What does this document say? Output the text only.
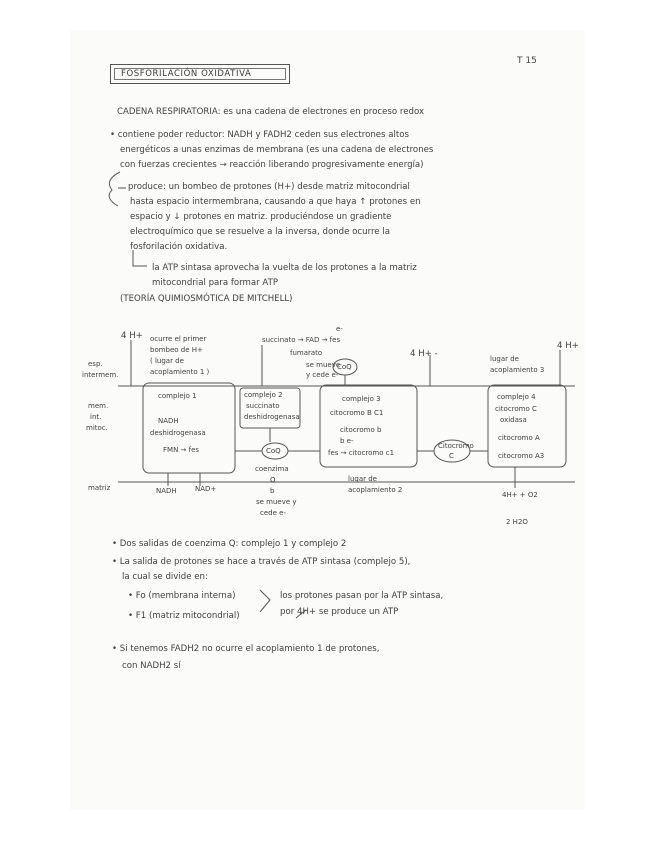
T 15
FOSFORILACIÓN OXIDATIVA
CADENA RESPIRATORIA: es una cadena de electrones en proceso redox
• contiene poder reductor: NADH y FADH2 ceden sus electrones altos
energéticos a unas enzimas de membrana (es una cadena de electrones
con fuerzas crecientes → reacción liberando progresivamente energía)
produce: un bombeo de protones (H+) desde matriz mitocondrial
hasta espacio intermembrana, causando a que haya ↑ protones en
espacio y ↓ protones en matriz. produciéndose un gradiente
electroquímico que se resuelve a la inversa, donde ocurre la
fosforilación oxidativa.
la ATP sintasa aprovecha la vuelta de los protones a la matriz
mitocondrial para formar ATP
(TEORÍA QUIMIOSMÓTICA DE MITCHELL)
4 H+
4 H+
4 H+ -
ocurre el primer
bombeo de H+
( lugar de
acoplamiento 1 )
succinato → FAD → fes
fumarato
e-
se mueve
y cede e-
CoQ
lugar de
acoplamiento 3
esp.
intermem.
mem.
int.
mitoc.
matriz
complejo 1
NADH
deshidrogenasa
FMN → fes
complejo 2
succinato
deshidrogenasa
complejo 3
citocromo B C1
citocromo b
b e-
fes → citocromo c1
Citocromo
C
complejo 4
citocromo C
oxidasa
citocromo A
citocromo A3
CoQ
coenzima
Q
b
se mueve y
cede e-
lugar de
acoplamiento 2
NADH	NAD+
4H+ + O2
2 H2O
• Dos salidas de coenzima Q: complejo 1 y complejo 2
• La salida de protones se hace a través de ATP sintasa (complejo 5),
la cual se divide en:
• Fo (membrana interna)
• F1 (matriz mitocondrial)
los protones pasan por la ATP sintasa,
por 4H+ se produce un ATP
• Si tenemos FADH2 no ocurre el acoplamiento 1 de protones,
con NADH2 sí
